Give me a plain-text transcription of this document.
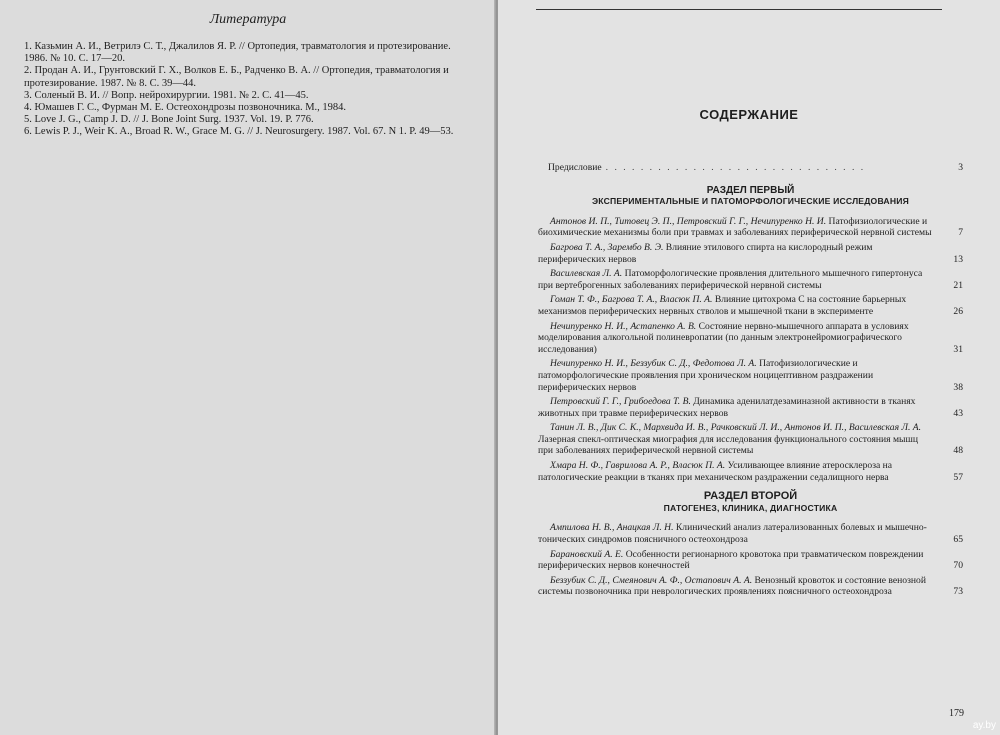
Литература

1. Казьмин А. И., Ветрилэ С. Т., Джалилов Я. Р. // Ортопедия, травматология и протезирование. 1986. № 10. С. 17—20.

2. Продан А. И., Грунтовский Г. Х., Волков Е. Б., Радченко В. А. // Ортопедия, травматология и протезирование. 1987. № 8. С. 39—44.

3. Соленый В. И. // Вопр. нейрохирургии. 1981. № 2. С. 41—45.

4. Юмашев Г. С., Фурман М. Е. Остеохондрозы позвоночника. М., 1984.

5. Love J. G., Camp J. D. // J. Bone Joint Surg. 1937. Vol. 19. P. 776.

6. Lewis P. J., Weir K. A., Broad R. W., Grace M. G. // J. Neurosurgery. 1987. Vol. 67. N 1. P. 49—53.

СОДЕРЖАНИЕ
Предисловие . . . . . . . . . . . . . . . . . . . . . . . . . . . . . .	3
РАЗДЕЛ ПЕРВЫЙ
ЭКСПЕРИМЕНТАЛЬНЫЕ И ПАТОМОРФОЛОГИЧЕСКИЕ ИССЛЕДОВАНИЯ
Антонов И. П., Титовец Э. П., Петровский Г. Г., Нечипуренко Н. И. Патофизиологические и биохимические механизмы боли при травмах и заболеваниях периферической нервной системы	7
Багрова Т. А., Зарембо В. Э. Влияние этилового спирта на кислородный режим периферических нервов	13
Василевская Л. А. Патоморфологические проявления длительного мышечного гипертонуса при вертеброгенных заболеваниях периферической нервной системы	21
Гоман Т. Ф., Багрова Т. А., Власюк П. А. Влияние цитохрома С на состояние барьерных механизмов периферических нервных стволов и мышечной ткани в эксперименте	26
Нечипуренко Н. И., Астапенко А. В. Состояние нервно-мышечного аппарата в условиях моделирования алкогольной полиневропатии (по данным электронейромиографического исследования)	31
Нечипуренко Н. И., Беззубик С. Д., Федотова Л. А. Патофизиологические и патоморфологические проявления при хроническом ноцицептивном раздражении периферических нервов	38
Петровский Г. Г., Грибоедова Т. В. Динамика аденилатдезаминазной активности в тканях животных при травме периферических нервов	43
Танин Л. В., Дик С. К., Мархвида И. В., Рачковский Л. И., Антонов И. П., Василевская Л. А. Лазерная спекл-оптическая миография для исследования функционального состояния мышц при заболеваниях периферической нервной системы	48
Хмара Н. Ф., Гаврилова А. Р., Власюк П. А. Усиливающее влияние атеросклероза на патологические реакции в тканях при механическом раздражении седалищного нерва	57
РАЗДЕЛ ВТОРОЙ
ПАТОГЕНЕЗ, КЛИНИКА, ДИАГНОСТИКА
Ампилова Н. В., Анацкая Л. Н. Клинический анализ латерализованных болевых и мышечно-тонических синдромов поясничного остеохондроза	65
Барановский А. Е. Особенности регионарного кровотока при травматическом повреждении периферических нервов конечностей	70
Беззубик С. Д., Смеянович А. Ф., Остапович А. А. Венозный кровоток и состояние венозной системы позвоночника при неврологических проявлениях поясничного остеохондроза	73
179
ay.by
